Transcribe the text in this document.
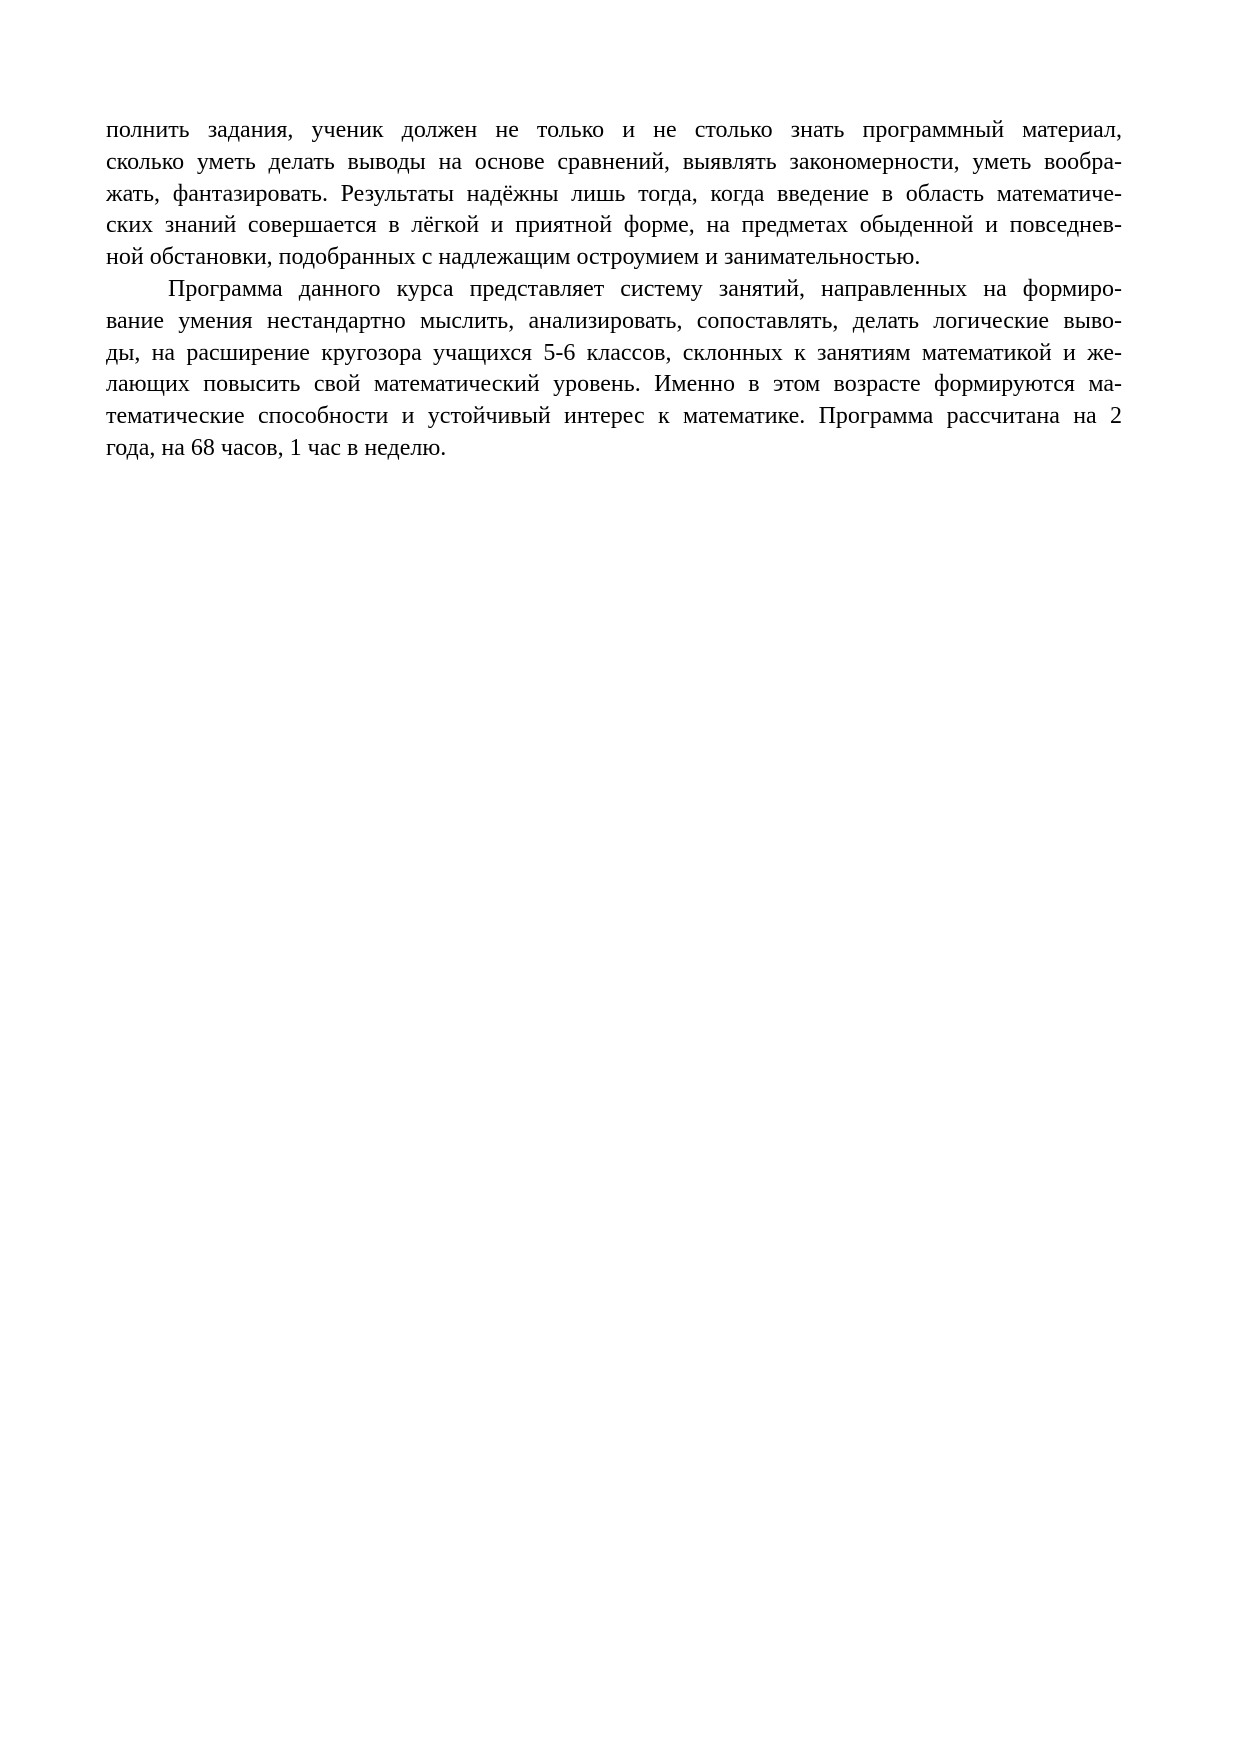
полнить задания, ученик должен не только и не столько знать программный материал,
сколько уметь делать выводы на основе сравнений, выявлять закономерности, уметь вообра-
жать, фантазировать. Результаты надёжны лишь тогда, когда введение в область математиче-
ских знаний совершается в лёгкой и приятной форме, на предметах обыденной и повседнев-
ной обстановки, подобранных с надлежащим остроумием и занимательностью.
Программа данного курса представляет систему занятий, направленных на формиро-
вание умения нестандартно мыслить, анализировать, сопоставлять, делать логические выво-
ды, на расширение кругозора учащихся 5-6 классов, склонных к занятиям математикой и же-
лающих повысить свой математический уровень. Именно в этом возрасте формируются ма-
тематические способности и устойчивый интерес к математике. Программа рассчитана на 2
года, на 68 часов, 1 час в неделю.
